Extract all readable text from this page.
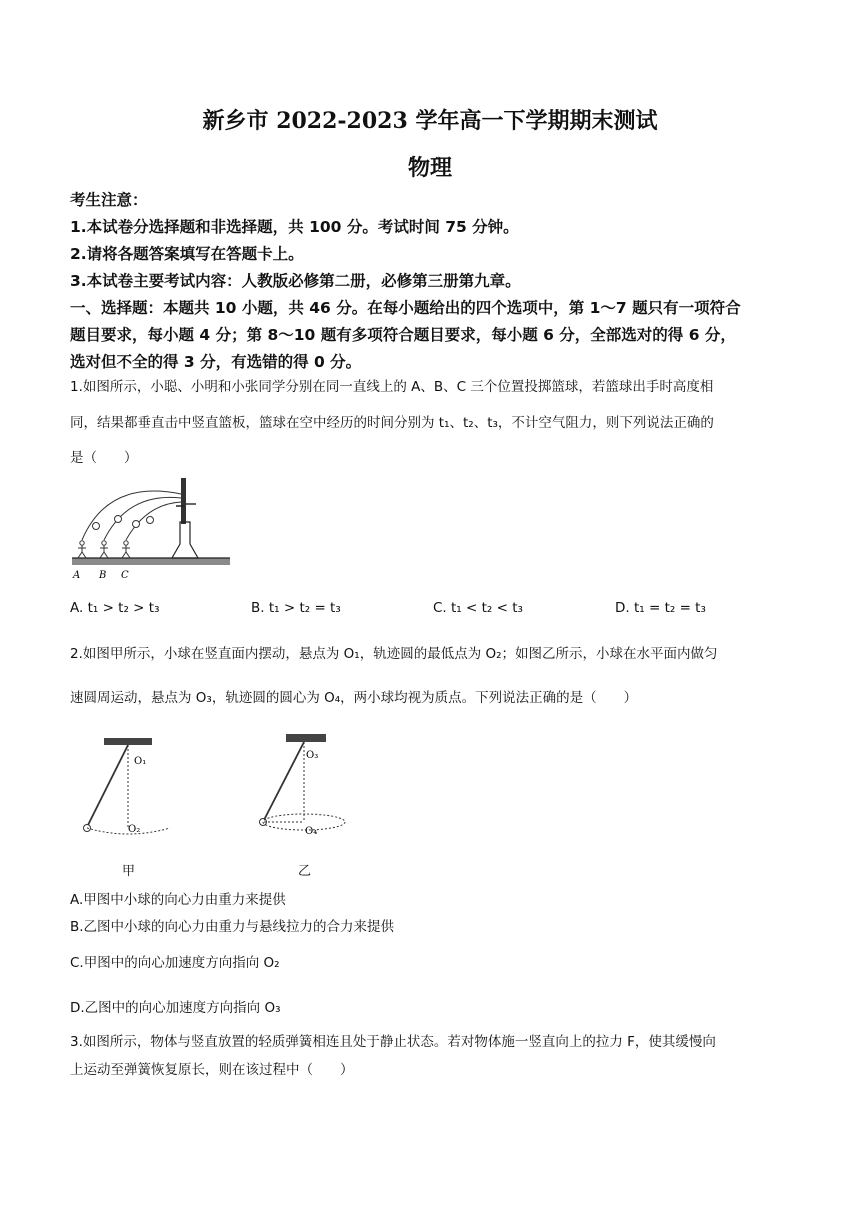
新乡市 2022-2023 学年高一下学期期末测试
物理
考生注意：
1.本试卷分选择题和非选择题，共 100 分。考试时间 75 分钟。
2.请将各题答案填写在答题卡上。
3.本试卷主要考试内容：人教版必修第二册，必修第三册第九章。
一、选择题：本题共 10 小题，共 46 分。在每小题给出的四个选项中，第 1～7 题只有一项符合
题目要求，每小题 4 分；第 8～10 题有多项符合题目要求，每小题 6 分，全部选对的得 6 分，
选对但不全的得 3 分，有选错的得 0 分。
1.如图所示，小聪、小明和小张同学分别在同一直线上的 A、B、C 三个位置投掷篮球，若篮球出手时高度相
同，结果都垂直击中竖直篮板，篮球在空中经历的时间分别为 t₁、t₂、t₃，不计空气阻力，则下列说法正确的
是（　　）
A B C
A. t₁ > t₂ > t₃	B. t₁ > t₂ = t₃	C. t₁ < t₂ < t₃	D. t₁ = t₂ = t₃
2.如图甲所示，小球在竖直面内摆动，悬点为 O₁，轨迹圆的最低点为 O₂；如图乙所示，小球在水平面内做匀
速圆周运动，悬点为 O₃，轨迹圆的圆心为 O₄，两小球均视为质点。下列说法正确的是（　　）
O₁
O₂
甲
O₃
O₄
乙
A.甲图中小球的向心力由重力来提供
B.乙图中小球的向心力由重力与悬线拉力的合力来提供
C.甲图中的向心加速度方向指向 O₂
D.乙图中的向心加速度方向指向 O₃
3.如图所示，物体与竖直放置的轻质弹簧相连且处于静止状态。若对物体施一竖直向上的拉力 F，使其缓慢向
上运动至弹簧恢复原长，则在该过程中（　　）
